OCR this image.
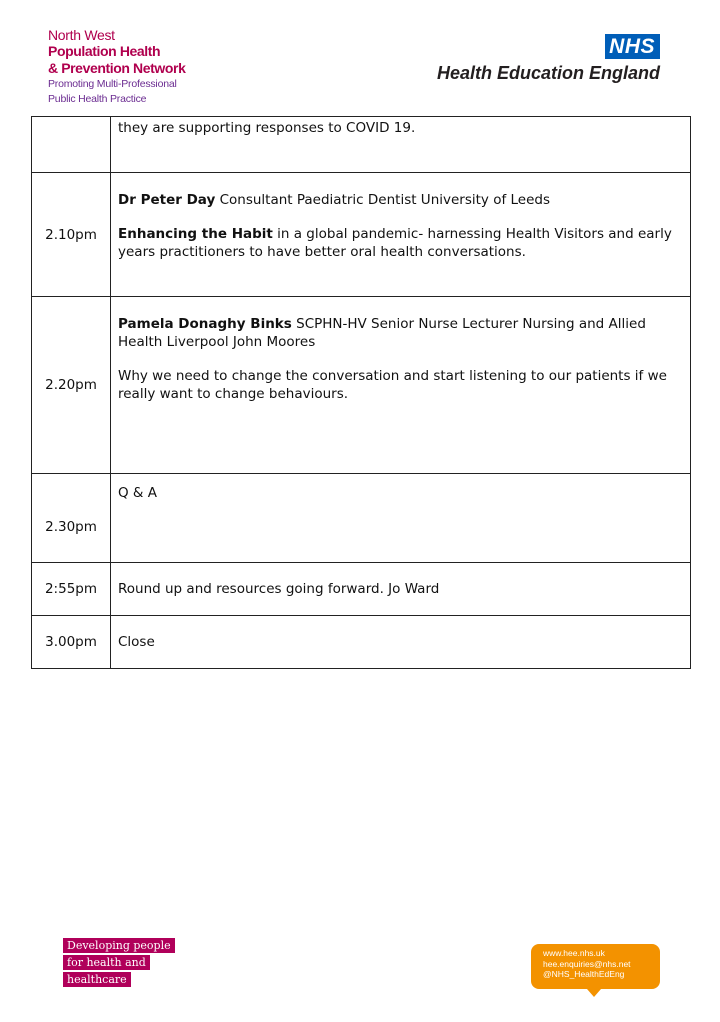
North West
Population Health
& Prevention Network
Promoting Multi-Professional
Public Health Practice
NHS
Health Education England

	they are supporting responses to COVID 19.

2.10pm	Dr Peter Day Consultant Paediatric Dentist University of Leeds

Enhancing the Habit in a global pandemic- harnessing Health Visitors and early years practitioners to have better oral health conversations.

2.20pm	Pamela Donaghy Binks SCPHN-HV Senior Nurse Lecturer Nursing and Allied Health Liverpool John Moores

Why we need to change the conversation and start listening to our patients if we really want to change behaviours.

2.30pm	Q & A

2:55pm	Round up and resources going forward. Jo Ward

3.00pm	Close

Developing people
for health and
healthcare
www.hee.nhs.uk
hee.enquiries@nhs.net
@NHS_HealthEdEng
